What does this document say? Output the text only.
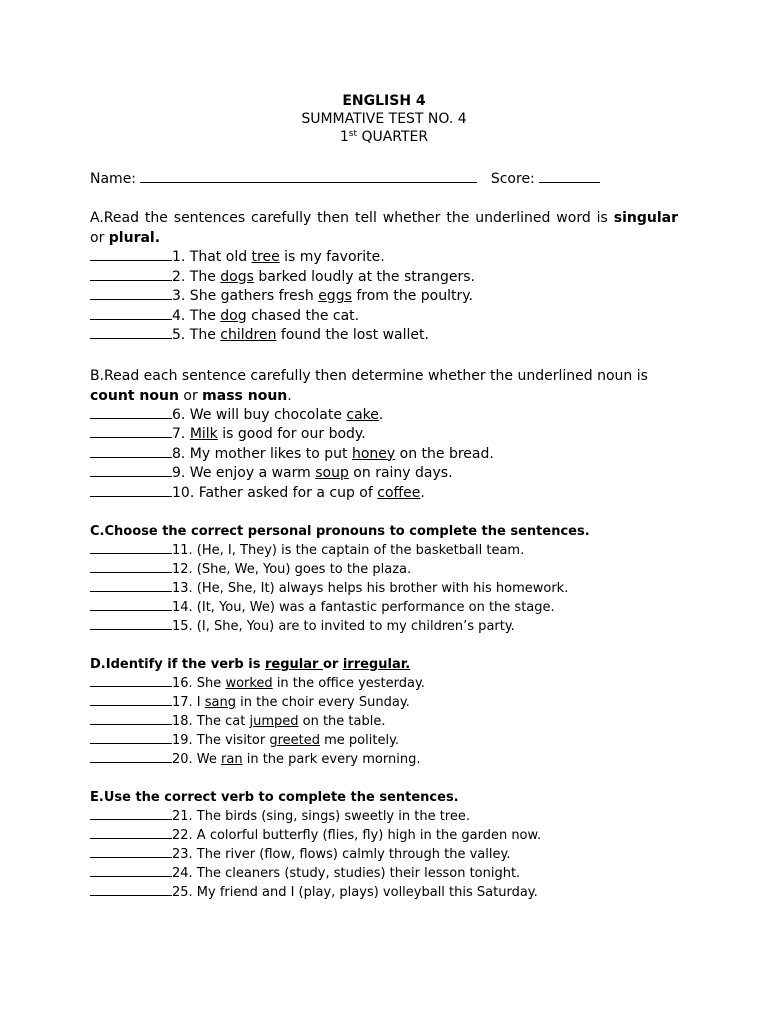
ENGLISH 4
SUMMATIVE TEST NO. 4
1st QUARTER
Name:	Score:
A.Read the sentences carefully then tell whether the underlined word is singular or plural.
1. That old tree is my favorite.
2. The dogs barked loudly at the strangers.
3. She gathers fresh eggs from the poultry.
4. The dog chased the cat.
5. The children found the lost wallet.
B.Read each sentence carefully then determine whether the underlined noun is count noun or mass noun.
6. We will buy chocolate cake.
7. Milk is good for our body.
8. My mother likes to put honey on the bread.
9. We enjoy a warm soup on rainy days.
10. Father asked for a cup of coffee.
C.Choose the correct personal pronouns to complete the sentences.
11. (He, I, They) is the captain of the basketball team.
12. (She, We, You) goes to the plaza.
13. (He, She, It) always helps his brother with his homework.
14. (It, You, We) was a fantastic performance on the stage.
15. (I, She, You) are to invited to my children’s party.
D.Identify if the verb is regular or irregular.
16. She worked in the office yesterday.
17. I sang in the choir every Sunday.
18. The cat jumped on the table.
19. The visitor greeted me politely.
20. We ran in the park every morning.
E.Use the correct verb to complete the sentences.
21. The birds (sing, sings) sweetly in the tree.
22. A colorful butterfly (flies, fly) high in the garden now.
23. The river (flow, flows) calmly through the valley.
24. The cleaners (study, studies) their lesson tonight.
25. My friend and I (play, plays) volleyball this Saturday.
